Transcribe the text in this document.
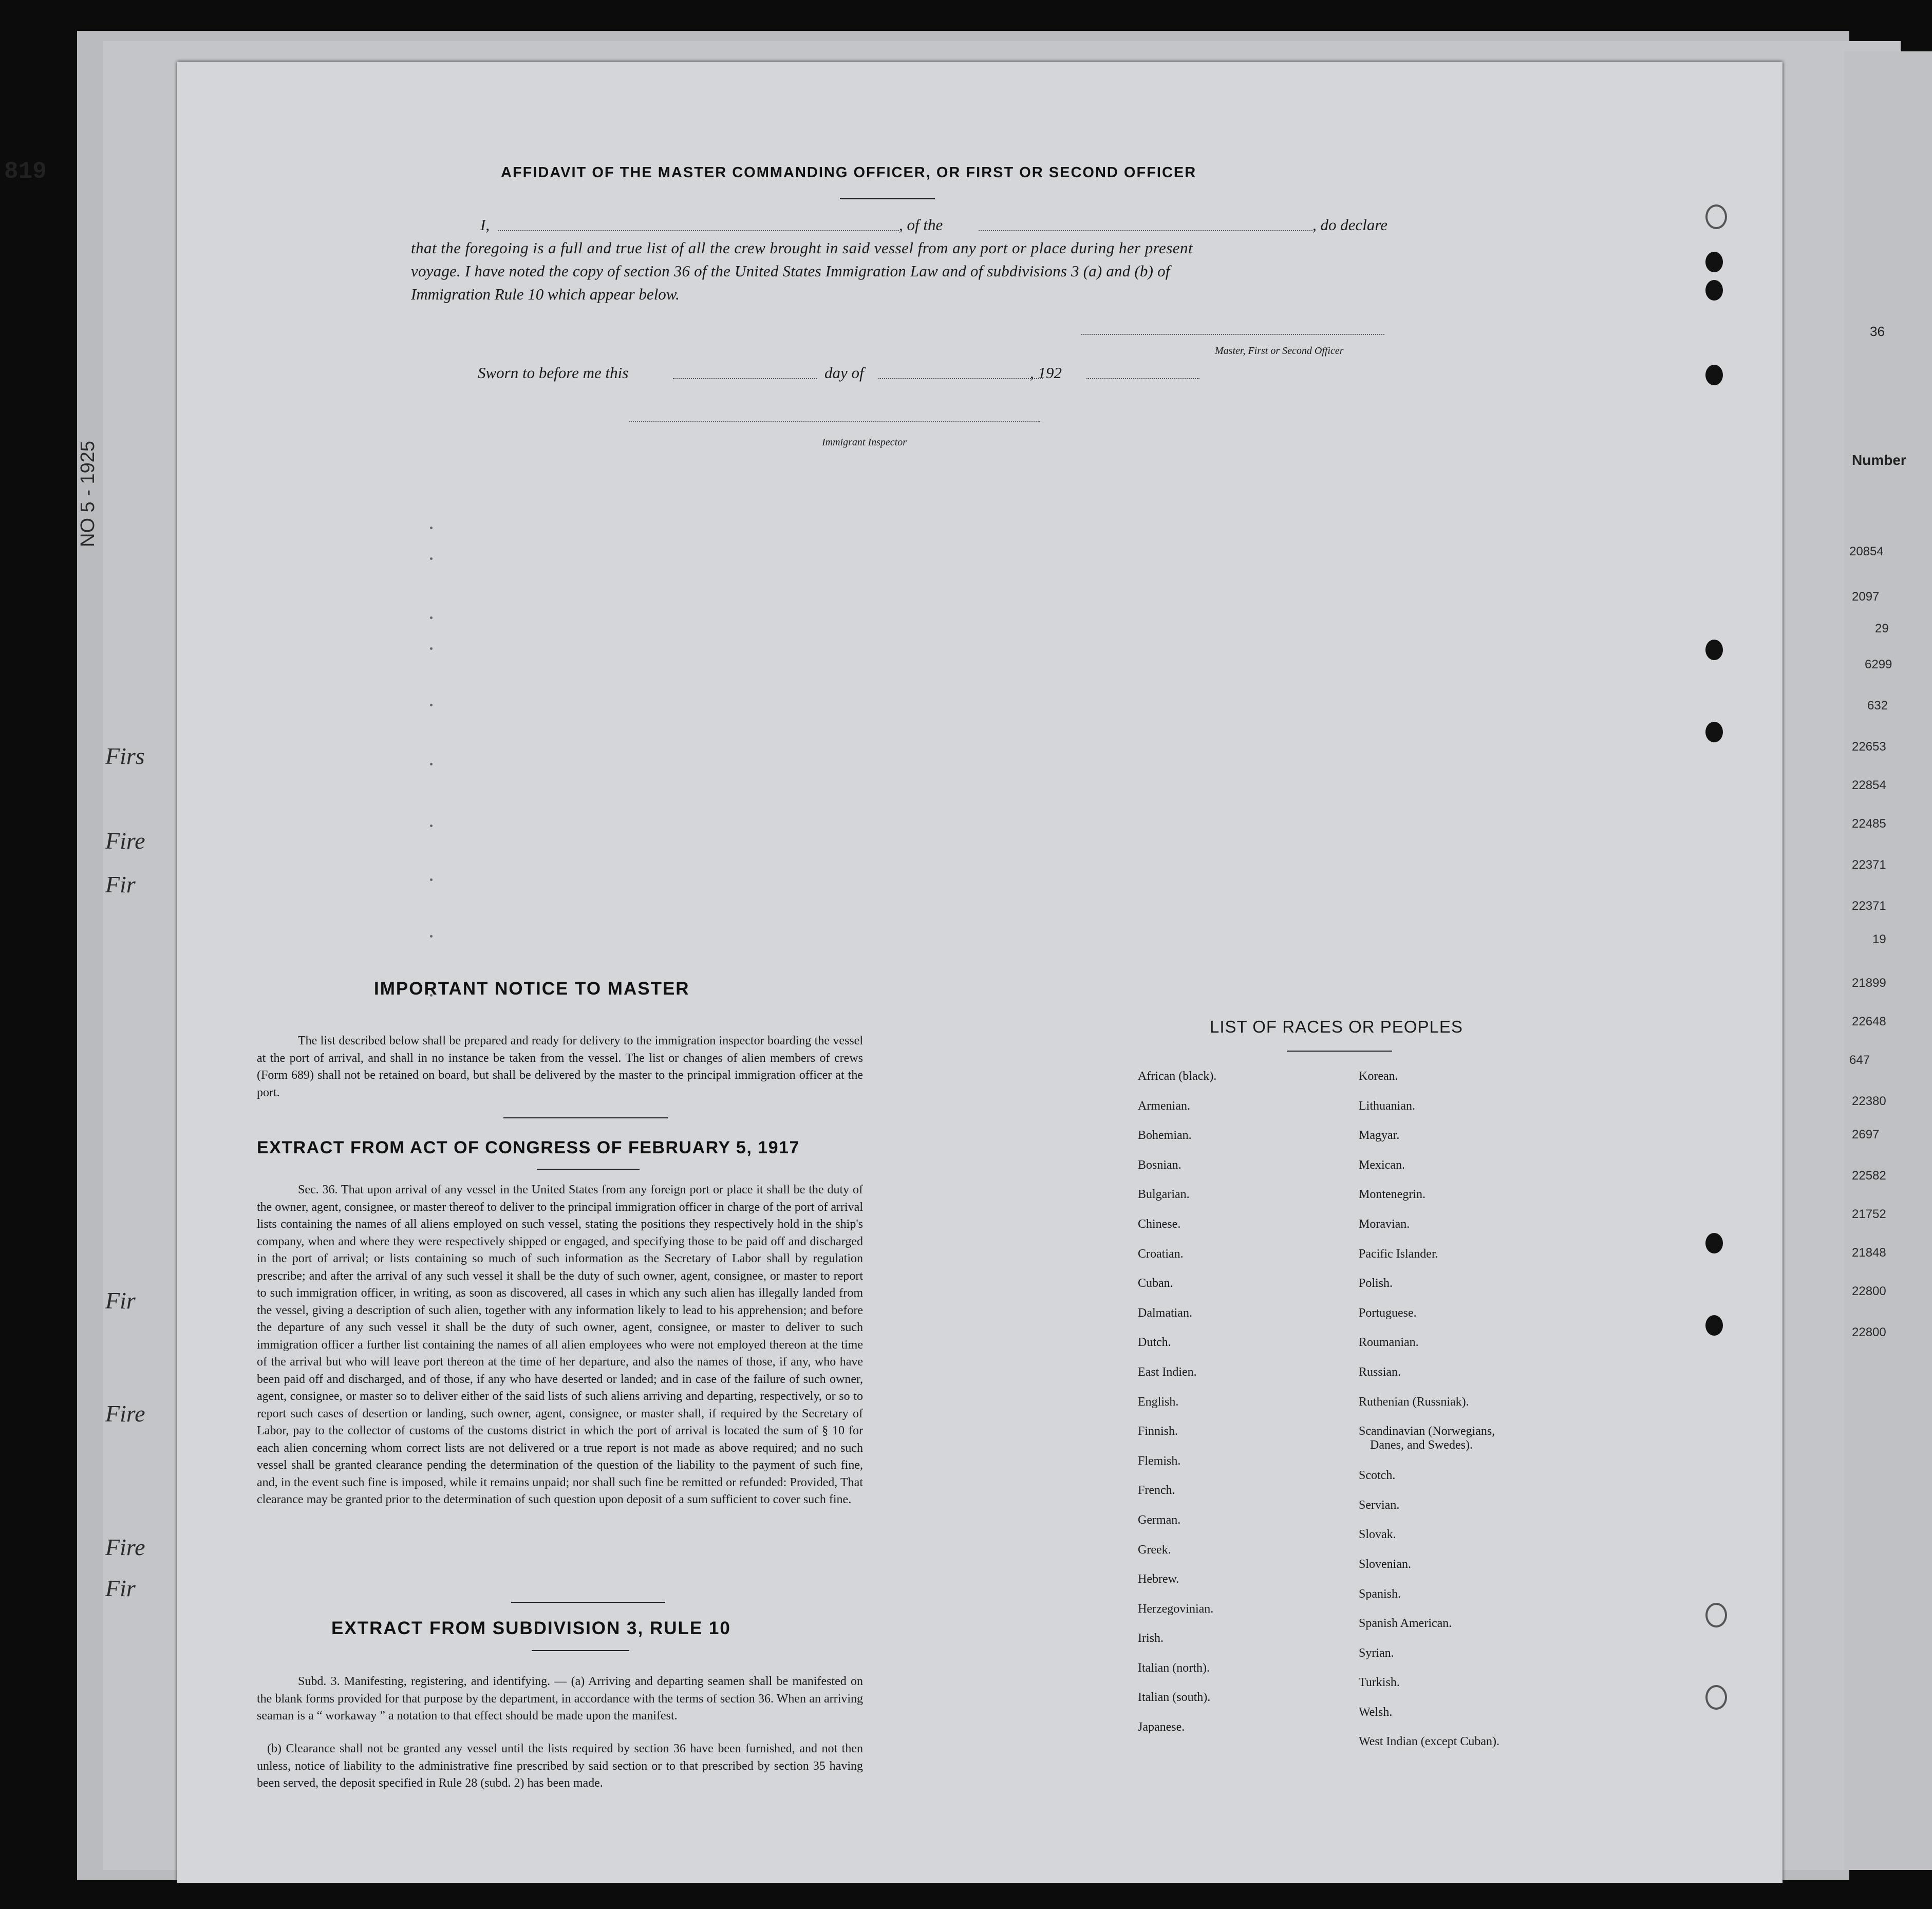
819
NO 5 - 1925
Firs
Fire
Fir
Fir
Fire
Fire
Fir
36
Number
20854
2097
29
6299
632
22653
22854
22485
22371
22371
19
21899
22648
647
22380
2697
22582
21752
21848
22800
22800
AFFIDAVIT OF THE MASTER COMMANDING OFFICER, OR FIRST OR SECOND OFFICER
I,	, of the	, do declare
that the foregoing is a full and true list of all the crew brought in said vessel from any port or place during her present
voyage. I have noted the copy of section 36 of the United States Immigration Law and of subdivisions 3 (a) and (b) of
Immigration Rule 10 which appear below.
Master, First or Second Officer
Sworn to before me this	day of	, 192
Immigrant Inspector
IMPORTANT NOTICE TO MASTER
The list described below shall be prepared and ready for delivery to the immigration inspector boarding the vessel at the port of arrival, and shall in no instance be taken from the vessel. The list or changes of alien members of crews (Form 689) shall not be retained on board, but shall be delivered by the master to the principal immigration officer at the port.
EXTRACT FROM ACT OF CONGRESS OF FEBRUARY 5, 1917
Sec. 36. That upon arrival of any vessel in the United States from any foreign port or place it shall be the duty of the owner, agent, consignee, or master thereof to deliver to the principal immigration officer in charge of the port of arrival lists containing the names of all aliens employed on such vessel, stating the positions they respectively hold in the ship's company, when and where they were respectively shipped or engaged, and specifying those to be paid off and discharged in the port of arrival; or lists containing so much of such information as the Secretary of Labor shall by regulation prescribe; and after the arrival of any such vessel it shall be the duty of such owner, agent, consignee, or master to report to such immigration officer, in writing, as soon as discovered, all cases in which any such alien has illegally landed from the vessel, giving a description of such alien, together with any information likely to lead to his apprehension; and before the departure of any such vessel it shall be the duty of such owner, agent, consignee, or master to deliver to such immigration officer a further list containing the names of all alien employees who were not employed thereon at the time of the arrival but who will leave port thereon at the time of her departure, and also the names of those, if any, who have been paid off and discharged, and of those, if any who have deserted or landed; and in case of the failure of such owner, agent, consignee, or master so to deliver either of the said lists of such aliens arriving and departing, respectively, or so to report such cases of desertion or landing, such owner, agent, consignee, or master shall, if required by the Secretary of Labor, pay to the collector of customs of the customs district in which the port of arrival is located the sum of § 10 for each alien concerning whom correct lists are not delivered or a true report is not made as above required; and no such vessel shall be granted clearance pending the determination of the question of the liability to the payment of such fine, and, in the event such fine is imposed, while it remains unpaid; nor shall such fine be remitted or refunded: Provided, That clearance may be granted prior to the determination of such question upon deposit of a sum sufficient to cover such fine.
EXTRACT FROM SUBDIVISION 3, RULE 10
Subd. 3. Manifesting, registering, and identifying. — (a) Arriving and departing seamen shall be manifested on the blank forms provided for that purpose by the department, in accordance with the terms of section 36. When an arriving seaman is a “ workaway ” a notation to that effect should be made upon the manifest.
(b) Clearance shall not be granted any vessel until the lists required by section 36 have been furnished, and not then unless, notice of liability to the administrative fine prescribed by said section or to that prescribed by section 35 having been served, the deposit specified in Rule 28 (subd. 2) has been made.
LIST OF RACES OR PEOPLES
African (black).
Armenian.
Bohemian.
Bosnian.
Bulgarian.
Chinese.
Croatian.
Cuban.
Dalmatian.
Dutch.
East Indien.
English.
Finnish.
Flemish.
French.
German.
Greek.
Hebrew.
Herzegovinian.
Irish.
Italian (north).
Italian (south).
Japanese.
Korean.
Lithuanian.
Magyar.
Mexican.
Montenegrin.
Moravian.
Pacific Islander.
Polish.
Portuguese.
Roumanian.
Russian.
Ruthenian (Russniak).
Scandinavian (Norwegians,
Danes, and Swedes).
Scotch.
Servian.
Slovak.
Slovenian.
Spanish.
Spanish American.
Syrian.
Turkish.
Welsh.
West Indian (except Cuban).
